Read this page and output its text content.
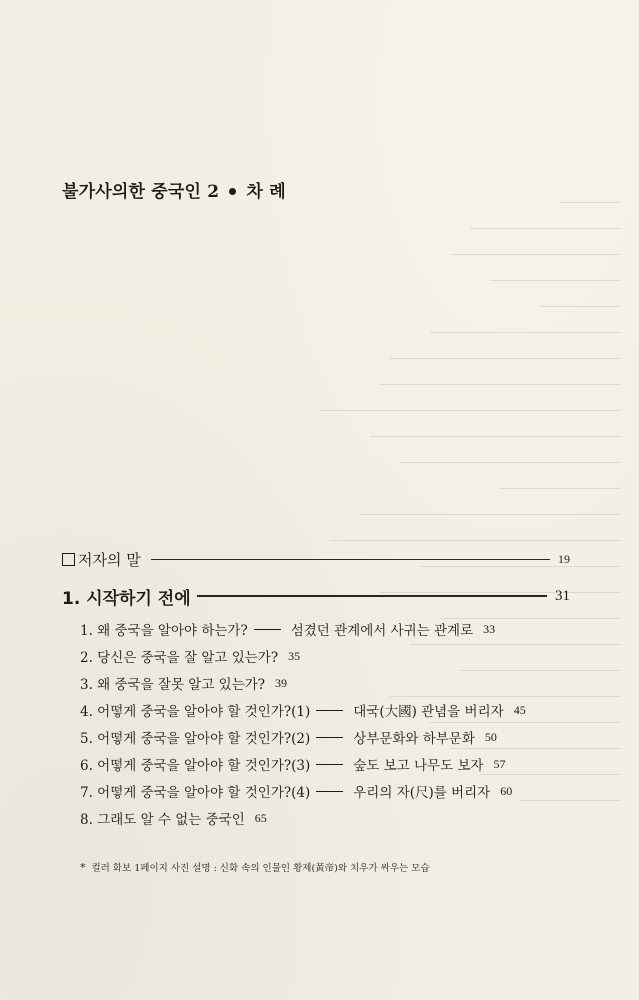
불가사의한 중국인 2 차 례
저자의 말	19
1. 시작하기 전에	31
1. 왜 중국을 알아야 하는가?	섬겼던 관계에서 사귀는 관계로 33
2. 당신은 중국을 잘 알고 있는가? 35
3. 왜 중국을 잘못 알고 있는가? 39
4. 어떻게 중국을 알아야 할 것인가?(1)	대국(大國) 관념을 버리자 45
5. 어떻게 중국을 알아야 할 것인가?(2)	상부문화와 하부문화 50
6. 어떻게 중국을 알아야 할 것인가?(3)	숲도 보고 나무도 보자 57
7. 어떻게 중국을 알아야 할 것인가?(4)	우리의 자(尺)를 버리자 60
8. 그래도 알 수 없는 중국인 65
* 컬러 화보 1페이지 사진 설명 : 신화 속의 인물인 황제(黃帝)와 치우가 싸우는 모습
